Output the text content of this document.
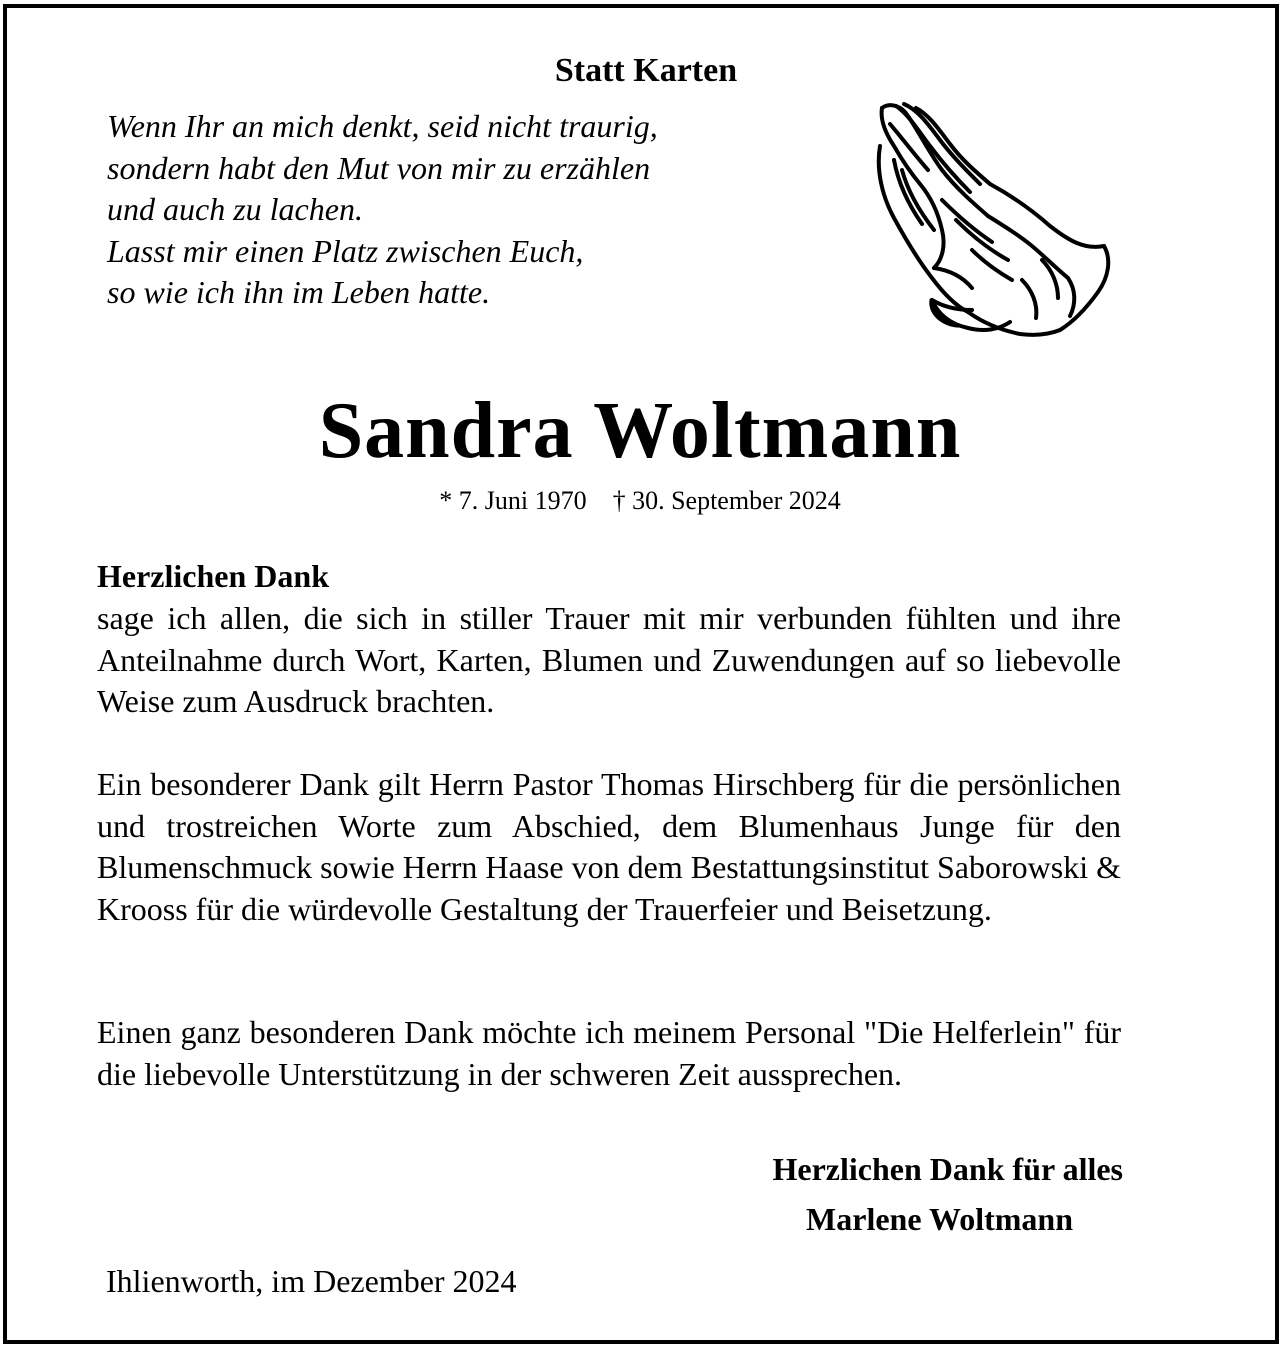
Statt Karten
Wenn Ihr an mich denkt, seid nicht traurig,
sondern habt den Mut von mir zu erzählen
und auch zu lachen.
Lasst mir einen Platz zwischen Euch,
so wie ich ihn im Leben hatte.
Sandra Woltmann
* 7. Juni 1970 † 30. September 2024
Herzlichen Dank
sage ich allen, die sich in stiller Trauer mit mir verbunden fühlten und ihre Anteilnahme durch Wort, Karten, Blumen und Zuwendungen auf so liebevolle Weise zum Ausdruck brachten.
Ein besonderer Dank gilt Herrn Pastor Thomas Hirschberg für die persönlichen und trostreichen Worte zum Abschied, dem Blumenhaus Junge für den Blumenschmuck sowie Herrn Haase von dem Bestattungsinstitut Saborowski & Krooss für die würdevolle Gestaltung der Trauerfeier und Beisetzung.
Einen ganz besonderen Dank möchte ich meinem Personal "Die Helferlein" für die liebevolle Unterstützung in der schweren Zeit aussprechen.
Herzlichen Dank für alles
Marlene Woltmann
Ihlienworth, im Dezember 2024
